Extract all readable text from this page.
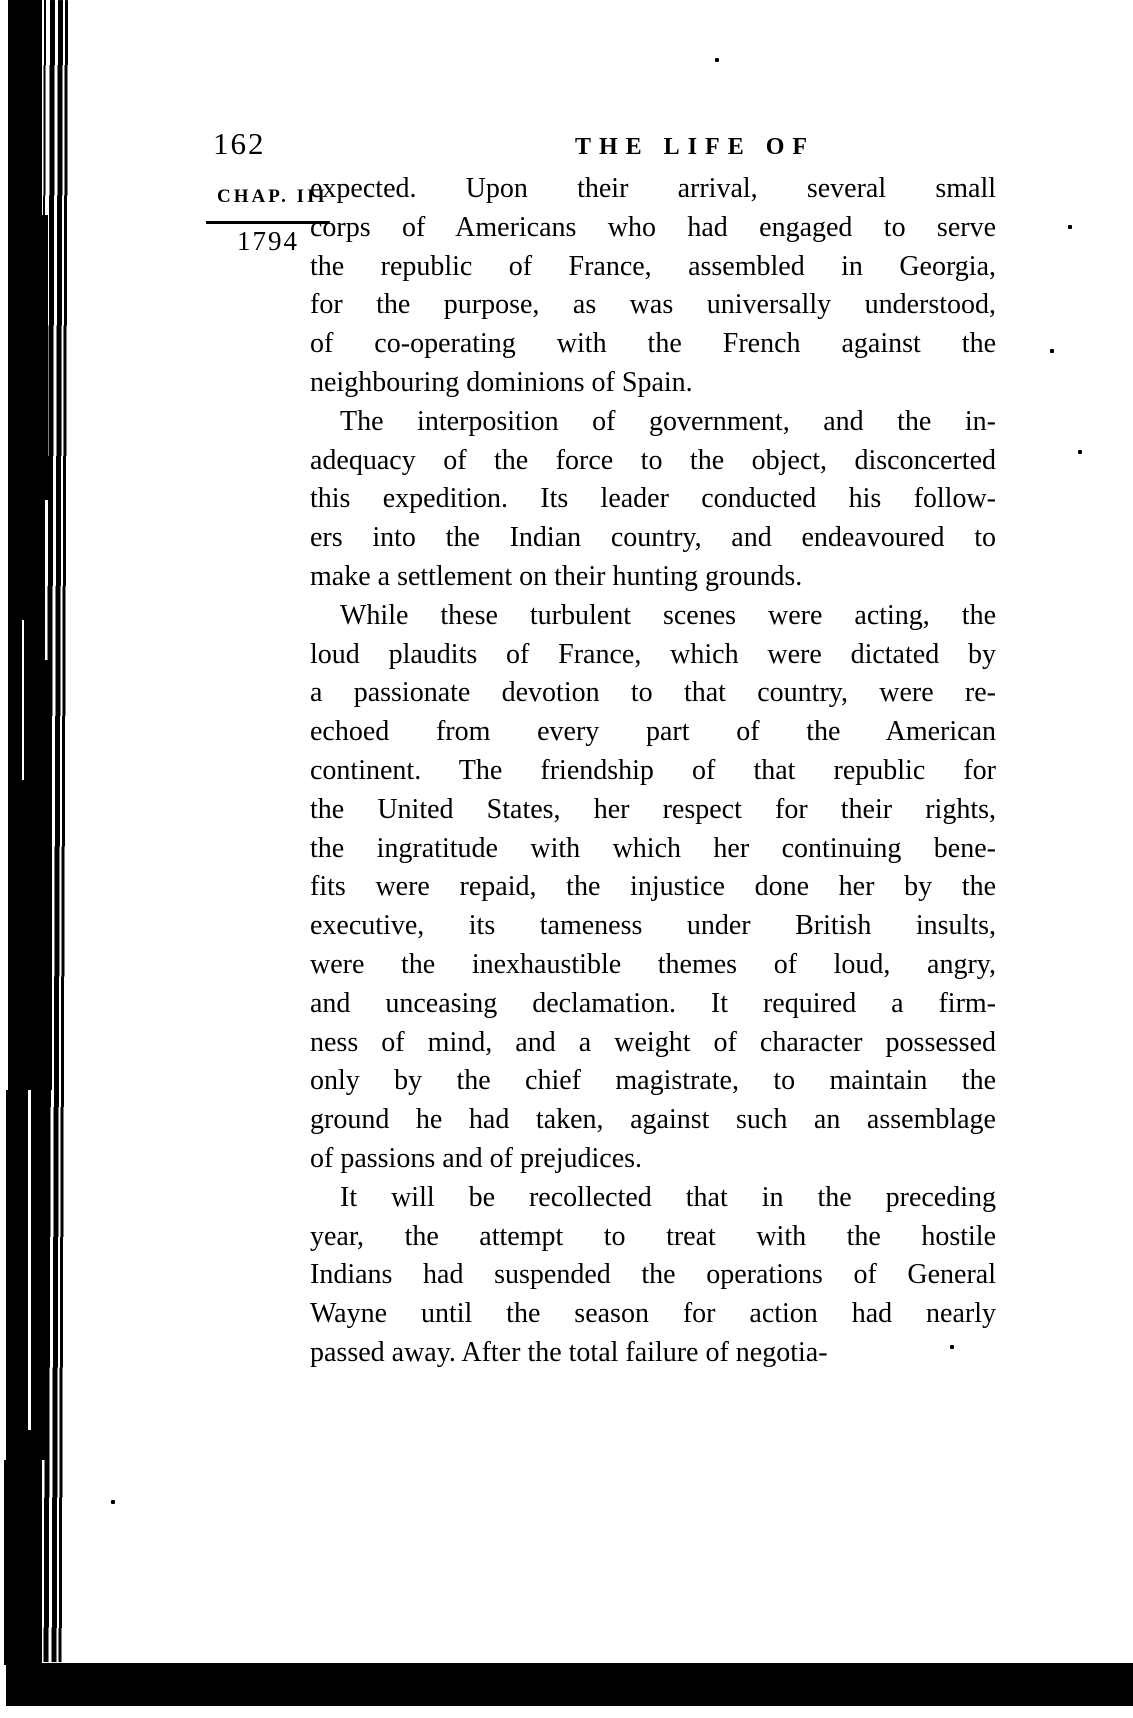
162	THE LIFE OF
CHAP. III
1794
expected. Upon their arrival, several small
corps of Americans who had engaged to serve
the republic of France, assembled in Georgia,
for the purpose, as was universally understood,
of co-operating with the French against the
neighbouring dominions of Spain.
The interposition of government, and the in-
adequacy of the force to the object, disconcerted
this expedition. Its leader conducted his follow-
ers into the Indian country, and endeavoured to
make a settlement on their hunting grounds.
While these turbulent scenes were acting, the
loud plaudits of France, which were dictated by
a passionate devotion to that country, were re-
echoed from every part of the American
continent. The friendship of that republic for
the United States, her respect for their rights,
the ingratitude with which her continuing bene-
fits were repaid, the injustice done her by the
executive, its tameness under British insults,
were the inexhaustible themes of loud, angry,
and unceasing declamation. It required a firm-
ness of mind, and a weight of character possessed
only by the chief magistrate, to maintain the
ground he had taken, against such an assemblage
of passions and of prejudices.
It will be recollected that in the preceding
year, the attempt to treat with the hostile
Indians had suspended the operations of General
Wayne until the season for action had nearly
passed away. After the total failure of negotia-
